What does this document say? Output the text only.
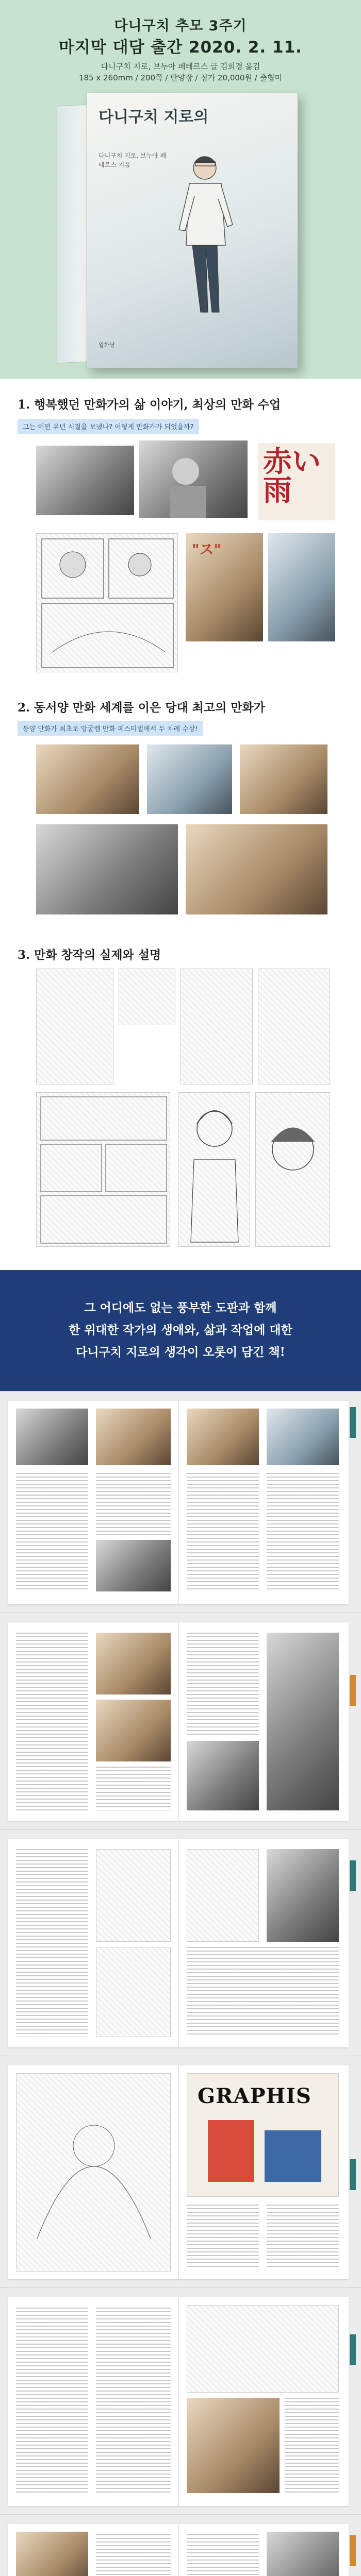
다니구치 추모 3주기
마지막 대담 출간 2020. 2. 11.
다니구치 지로, 브누아 페테르스 글 김희경 옮김
185 x 260mm / 200쪽 / 반양장 / 정가 20,000원 / 출협미
다니구치 지로의
다니구치 지로, 브누아 페테르스 지음
열화당
1. 행복했던 만화가의 삶 이야기, 최상의 만화 수업
그는 어떤 유년 시절을 보냈나? 어떻게 만화가가 되었을까?
赤い雨
"ス"
2. 동서양 만화 세계를 이은 당대 최고의 만화가
동양 만화가 최초로 앙굴렘 만화 페스티벌에서 두 차례 수상!
3. 만화 창작의 실제와 설명
그 어디에도 없는 풍부한 도판과 함께
한 위대한 작가의 생애와, 삶과 작업에 대한
다니구치 지로의 생각이 오롯이 담긴 책!
GRAPHIS
